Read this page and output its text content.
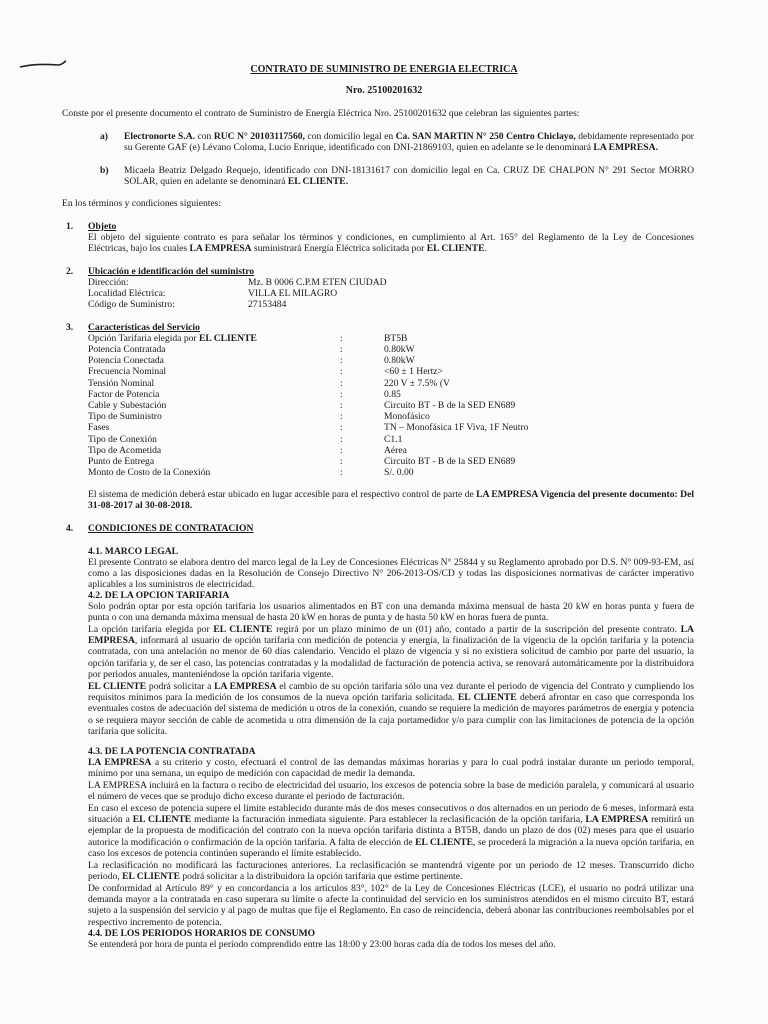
CONTRATO DE SUMINISTRO DE ENERGIA ELECTRICA
Nro. 25100201632
Conste por el presente documento el contrato de Suministro de Energía Eléctrica Nro. 25100201632 que celebran las siguientes partes:
a) Electronorte S.A. con RUC N° 20103117560, con domicilio legal en Ca. SAN MARTIN N° 250 Centro Chiclayo, debidamente representado por su Gerente GAF (e) Lévano Coloma, Lucio Enrique, identificado con DNI-21869103, quien en adelante se le denominará LA EMPRESA.
b) Micaela Beatriz Delgado Requejo, identificado con DNI-18131617 con domicilio legal en Ca. CRUZ DE CHALPON N° 291 Sector MORRO SOLAR, quien en adelante se denominará EL CLIENTE.
En los términos y condiciones siguientes:
1. Objeto
El objeto del siguiente contrato es para señalar los términos y condiciones, en cumplimiento al Art. 165° del Reglamento de la Ley de Concesiones Eléctricas, bajo los cuales LA EMPRESA suministrará Energía Eléctrica solicitada por EL CLIENTE.
2. Ubicación e identificación del suministro
Dirección:	Mz. B 0006 C.P.M ETEN CIUDAD
Localidad Eléctrica:	VILLA EL MILAGRO
Código de Suministro:	27153484
3. Características del Servicio
Opción Tarifaria elegida por EL CLIENTE	:	BT5B
Potencia Contratada	:	0.80kW
Potencia Conectada	:	0.80kW
Frecuencia Nominal	:	<60 ± 1 Hertz>
Tensión Nominal	:	220 V ± 7.5% (V
Factor de Potencia	:	0.85
Cable y Subestación	:	Circuito BT - B de la SED EN689
Tipo de Suministro	:	Monofásico
Fases	:	TN – Monofásica 1F Viva, 1F Neutro
Tipo de Conexión	:	C1.1
Tipo de Acometida	:	Aérea
Punto de Entrega	:	Circuito BT - B de la SED EN689
Monto de Costo de la Conexión	:	S/. 0.00
El sistema de medición deberá estar ubicado en lugar accesible para el respectivo control de parte de LA EMPRESA Vigencia del presente documento: Del 31-08-2017 al 30-08-2018.
4. CONDICIONES DE CONTRATACION
4.1. MARCO LEGAL
El presente Contrato se elabora dentro del marco legal de la Ley de Concesiones Eléctricas N° 25844 y su Reglamento aprobado por D.S. N° 009-93-EM, así como a las disposiciones dadas en la Resolución de Consejo Directivo N° 206-2013-OS/CD y todas las disposiciones normativas de carácter imperativo aplicables a los suministros de electricidad.
4.2. DE LA OPCION TARIFARIA
Solo podrán optar por esta opción tarifaria los usuarios alimentados en BT con una demanda máxima mensual de hasta 20 kW en horas punta y fuera de punta o con una demanda máxima mensual de hasta 20 kW en horas de punta y de hasta 50 kW en horas fuera de punta.
La opción tarifaria elegida por EL CLIENTE regirá por un plazo mínimo de un (01) año, contado a partir de la suscripción del presente contrato. LA EMPRESA, informará al usuario de opción tarifaria con medición de potencia y energía, la finalización de la vigencia de la opción tarifaria y la potencia contratada, con una antelación no menor de 60 días calendario. Vencido el plazo de vigencia y si no existiera solicitud de cambio por parte del usuario, la opción tarifaria y, de ser el caso, las potencias contratadas y la modalidad de facturación de potencia activa, se renovará automáticamente por la distribuidora por periodos anuales, manteniéndose la opción tarifaria vigente.
EL CLIENTE podrá solicitar a LA EMPRESA el cambio de su opción tarifaria sólo una vez durante el periodo de vigencia del Contrato y cumpliendo los requisitos mínimos para la medición de los consumos de la nueva opción tarifaria solicitada. EL CLIENTE deberá afrontar en caso que corresponda los eventuales costos de adecuación del sistema de medición u otros de la conexión, cuando se requiere la medición de mayores parámetros de energía y potencia o se requiera mayor sección de cable de acometida u otra dimensión de la caja portamedidor y/o para cumplir con las limitaciones de potencia de la opción tarifaria que solicita.
4.3. DE LA POTENCIA CONTRATADA
LA EMPRESA a su criterio y costo, efectuará el control de las demandas máximas horarias y para lo cual podrá instalar durante un periodo temporal, mínimo por una semana, un equipo de medición con capacidad de medir la demanda.
LA EMPRESA incluirá en la factura o recibo de electricidad del usuario, los excesos de potencia sobre la base de medición paralela, y comunicará al usuario el número de veces que se produjo dicho exceso durante el periodo de facturación.
En caso el exceso de potencia supere el límite establecido durante más de dos meses consecutivos o dos alternados en un periodo de 6 meses, informará esta situación a EL CLIENTE mediante la facturación inmediata siguiente. Para establecer la reclasificación de la opción tarifaria, LA EMPRESA remitirá un ejemplar de la propuesta de modificación del contrato con la nueva opción tarifaria distinta a BT5B, dando un plazo de dos (02) meses para que el usuario autorice la modificación o confirmación de la opción tarifaria. A falta de elección de EL CLIENTE, se procederá la migración a la nueva opción tarifaria, en caso los excesos de potencia continúen superando el límite establecido.
La reclasificación no modificará las facturaciones anteriores. La reclasificación se mantendrá vigente por un periodo de 12 meses. Transcurrido dicho periodo, EL CLIENTE podrá solicitar a la distribuidora la opción tarifaria que estime pertinente.
De conformidad al Artículo 89° y en concordancia a los artículos 83°, 102° de la Ley de Concesiones Eléctricas (LCE), el usuario no podrá utilizar una demanda mayor a la contratada en caso superara su límite o afecte la continuidad del servicio en los suministros atendidos en el mismo circuito BT, estará sujeto a la suspensión del servicio y al pago de multas que fije el Reglamento. En caso de reincidencia, deberá abonar las contribuciones reembolsables por el respectivo incremento de potencia.
4.4. DE LOS PERIODOS HORARIOS DE CONSUMO
Se entenderá por hora de punta el periodo comprendido entre las 18:00 y 23:00 horas cada día de todos los meses del año.
